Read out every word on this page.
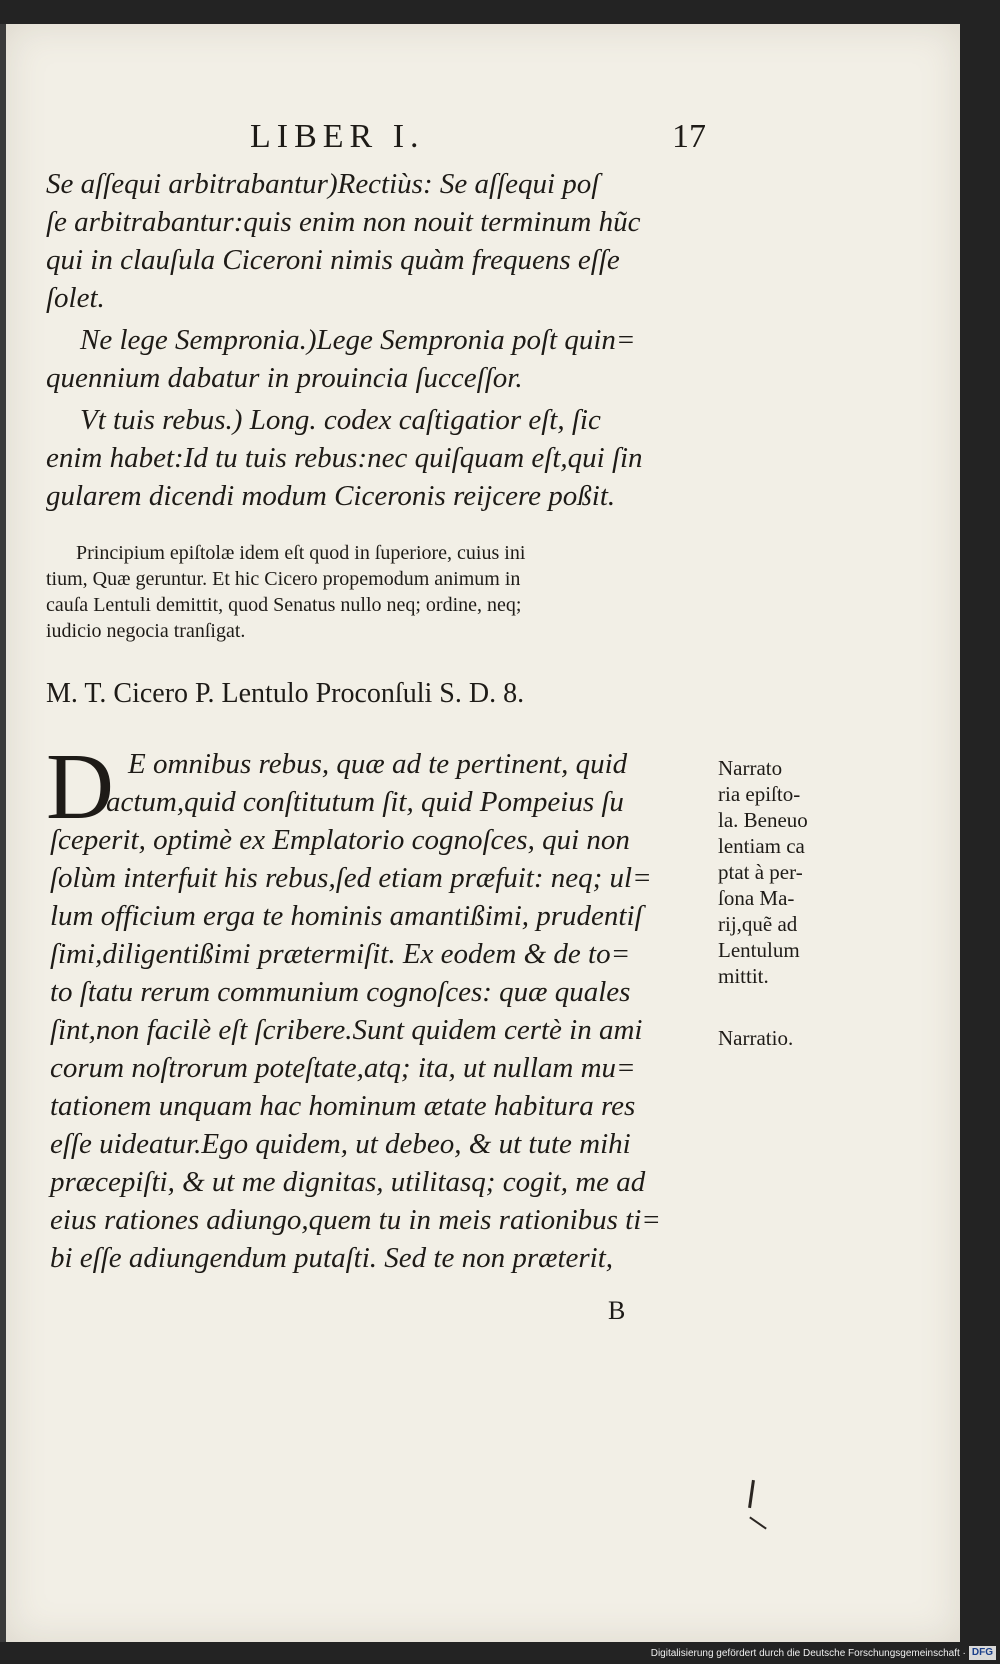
LIBER I.	17
Se aſſequi arbitrabantur)Rectiùs: Se aſſequi poſ
ſe arbitrabantur:quis enim non nouit terminum hũc
qui in clauſula Ciceroni nimis quàm frequens eſſe
ſolet.
Ne lege Sempronia.)Lege Sempronia poſt quin=
quennium dabatur in prouincia ſucceſſor.
Vt tuis rebus.) Long. codex caſtigatior eſt, ſic
enim habet:Id tu tuis rebus:nec quiſquam eſt,qui ſin
gularem dicendi modum Ciceronis reijcere poßit.
Principium epiſtolæ idem eſt quod in ſuperiore, cuius ini
tium, Quæ geruntur. Et hic Cicero propemodum animum in
cauſa Lentuli demittit, quod Senatus nullo neq; ordine, neq;
iudicio negocia tranſigat.
M. T. Cicero P. Lentulo Proconſuli S. D. 8.
D E omnibus rebus, quæ ad te pertinent, quid
actum,quid conſtitutum ſit, quid Pompeius ſu
ſceperit, optimè ex Emplatorio cognoſces, qui non
ſolùm interfuit his rebus,ſed etiam præfuit: neq; ul=
lum officium erga te hominis amantißimi, prudentiſ
ſimi,diligentißimi prætermiſit. Ex eodem & de to=
to ſtatu rerum communium cognoſces: quæ quales
ſint,non facilè eſt ſcribere.Sunt quidem certè in ami
corum noſtrorum poteſtate,atq; ita, ut nullam mu=
tationem unquam hac hominum ætate habitura res
eſſe uideatur.Ego quidem, ut debeo, & ut tute mihi
præcepiſti, & ut me dignitas, utilitasq; cogit, me ad
eius rationes adiungo,quem tu in meis rationibus ti=
bi eſſe adiungendum putaſti. Sed te non præterit,
Narrato
ria epiſto-
la. Beneuo
lentiam ca
ptat à per-
ſona Ma-
rij,quẽ ad
Lentulum
mittit.
Narratio.
B
Digitalisierung gefördert durch die Deutsche Forschungsgemeinschaft · DFG
